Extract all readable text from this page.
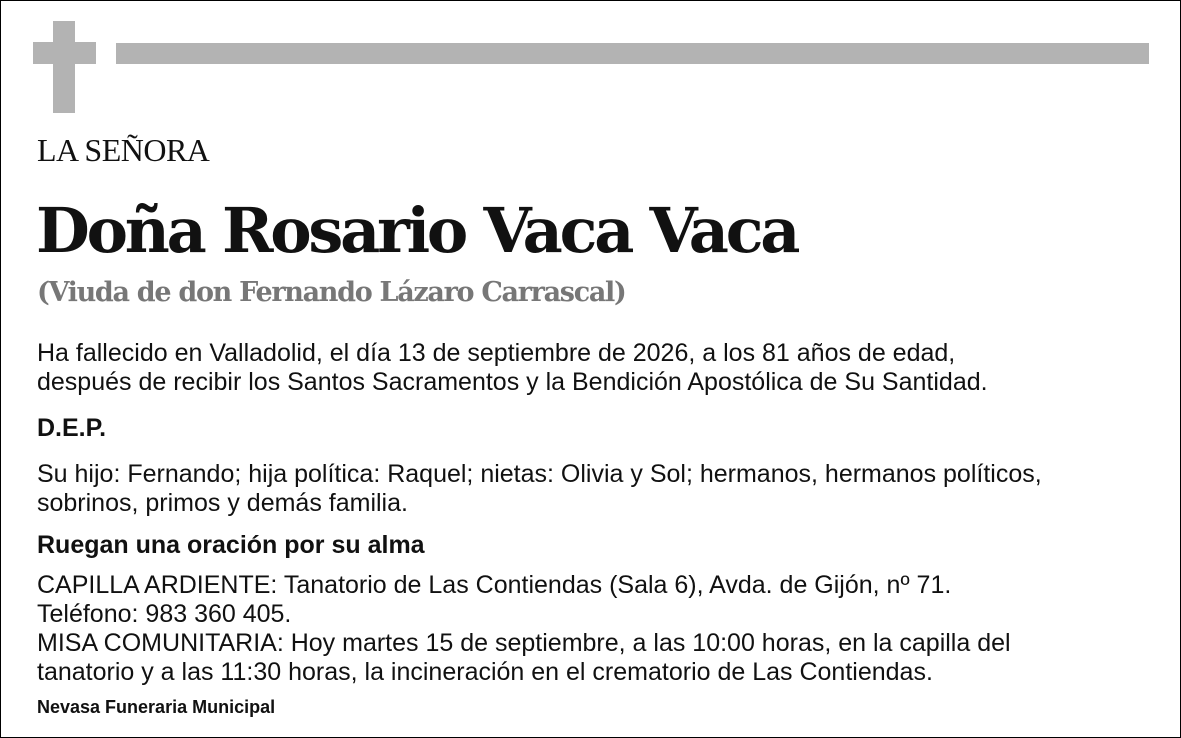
LA SEÑORA
Doña Rosario Vaca Vaca
(Viuda de don Fernando Lázaro Carrascal)
Ha fallecido en Valladolid, el día 13 de septiembre de 2026, a los 81 años de edad,
después de recibir los Santos Sacramentos y la Bendición Apostólica de Su Santidad.
D.E.P.
Su hijo: Fernando; hija política: Raquel; nietas: Olivia y Sol; hermanos, hermanos políticos,
sobrinos, primos y demás familia.
Ruegan una oración por su alma
CAPILLA ARDIENTE: Tanatorio de Las Contiendas (Sala 6), Avda. de Gijón, nº 71.
Teléfono: 983 360 405.
MISA COMUNITARIA: Hoy martes 15 de septiembre, a las 10:00 horas, en la capilla del
tanatorio y a las 11:30 horas, la incineración en el crematorio de Las Contiendas.
Nevasa Funeraria Municipal
